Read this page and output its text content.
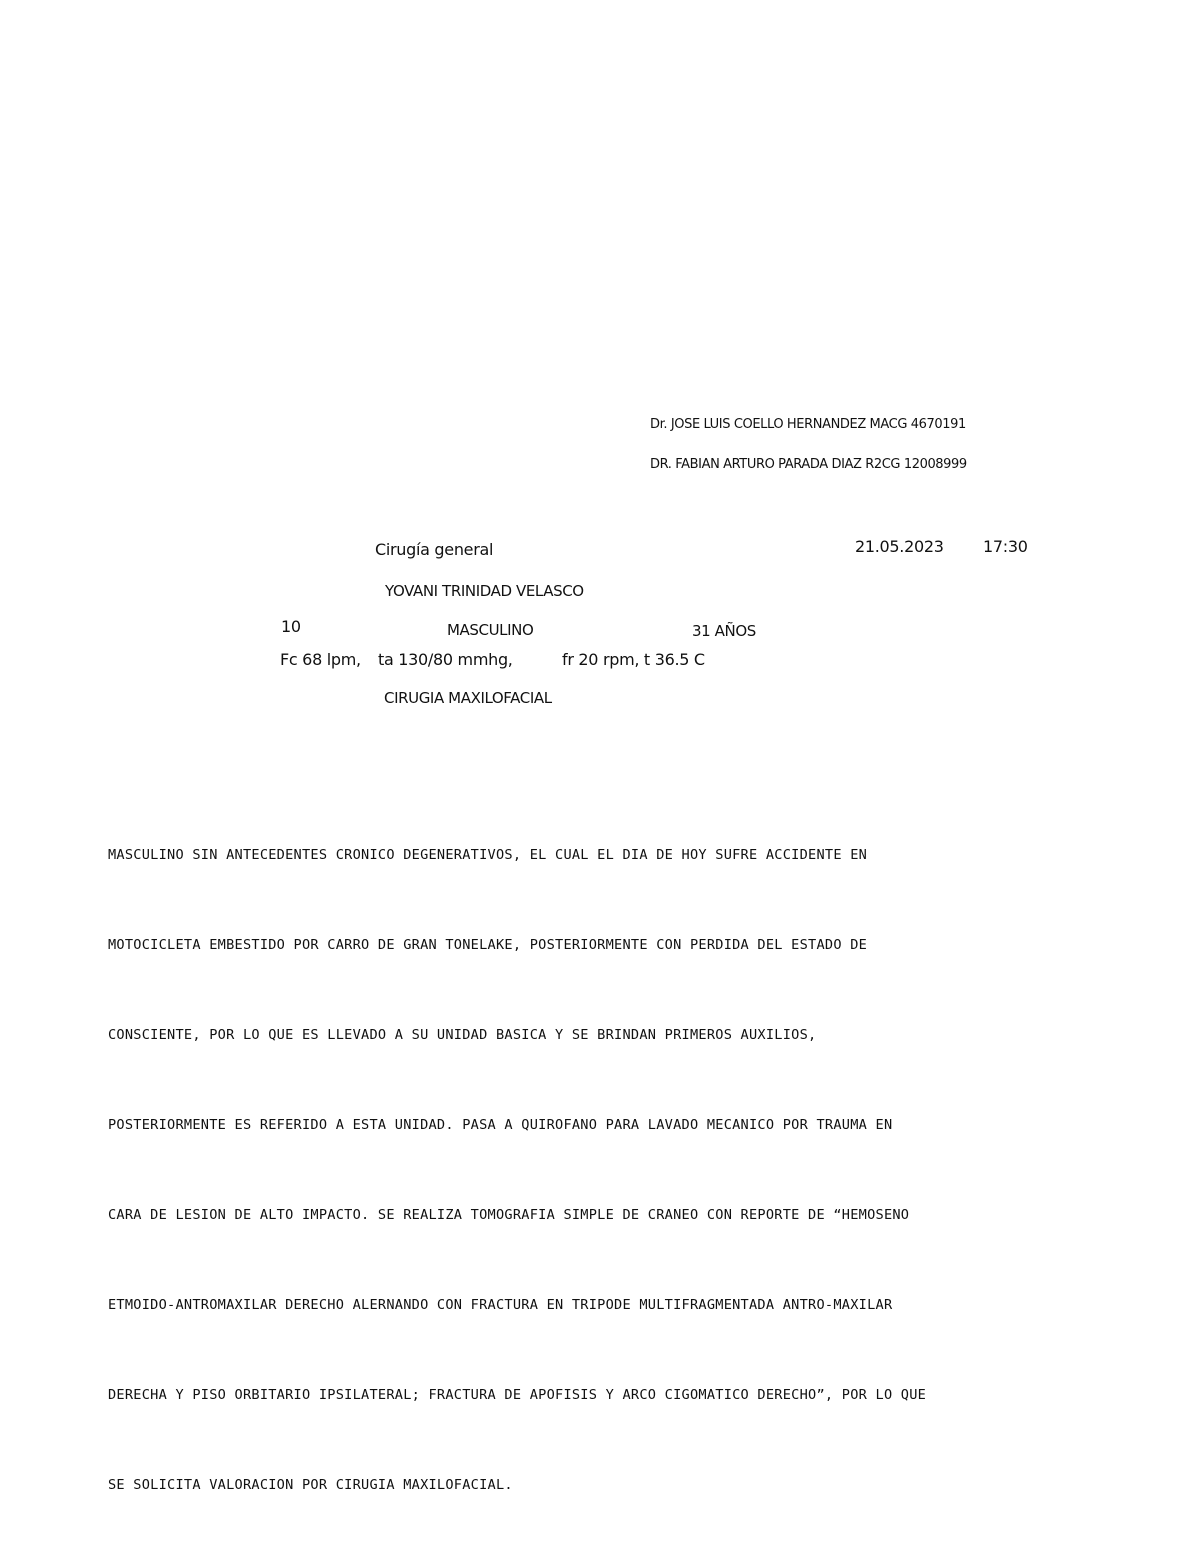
Dr. JOSE LUIS COELLO HERNANDEZ MACG 4670191
DR. FABIAN ARTURO PARADA DIAZ R2CG 12008999
Cirugía general	21.05.2023 17:30
YOVANI TRINIDAD VELASCO
10	MASCULINO	31 AÑOS
Fc 68 lpm, ta 130/80 mmhg,	fr 20 rpm, t 36.5 C
CIRUGIA MAXILOFACIAL

MASCULINO SIN ANTECEDENTES CRONICO DEGENERATIVOS, EL CUAL EL DIA DE HOY SUFRE ACCIDENTE EN

MOTOCICLETA EMBESTIDO POR CARRO DE GRAN TONELAKE, POSTERIORMENTE CON PERDIDA DEL ESTADO DE

CONSCIENTE, POR LO QUE ES LLEVADO A SU UNIDAD BASICA Y SE BRINDAN PRIMEROS AUXILIOS,

POSTERIORMENTE ES REFERIDO A ESTA UNIDAD. PASA A QUIROFANO PARA LAVADO MECANICO POR TRAUMA EN

CARA DE LESION DE ALTO IMPACTO. SE REALIZA TOMOGRAFIA SIMPLE DE CRANEO CON REPORTE DE “HEMOSENO

ETMOIDO-ANTROMAXILAR DERECHO ALERNANDO CON FRACTURA EN TRIPODE MULTIFRAGMENTADA ANTRO-MAXILAR

DERECHA Y PISO ORBITARIO IPSILATERAL; FRACTURA DE APOFISIS Y ARCO CIGOMATICO DERECHO”, POR LO QUE

SE SOLICITA VALORACION POR CIRUGIA MAXILOFACIAL.
